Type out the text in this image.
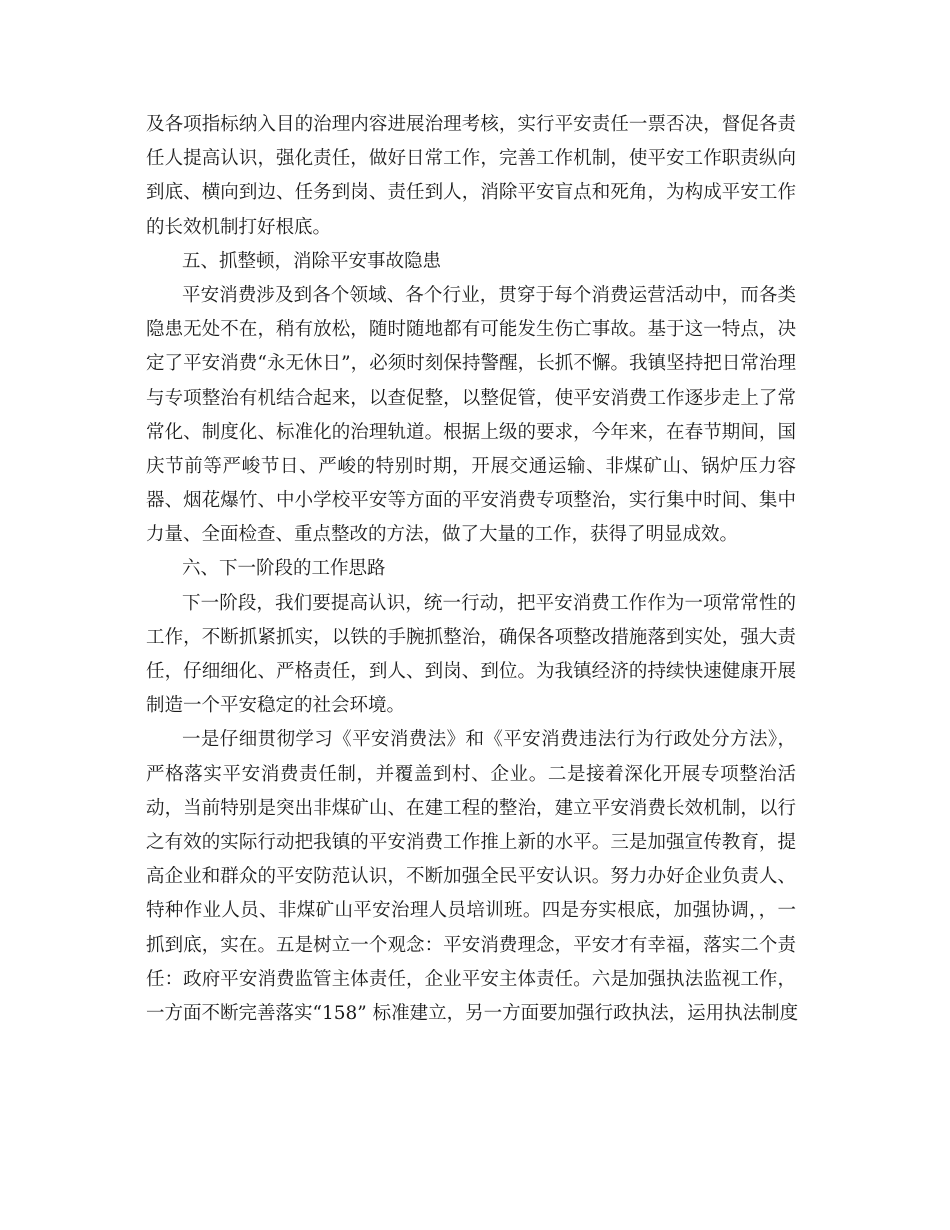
及各项指标纳入目的治理内容进展治理考核，实行平安责任一票否决，督促各责
任人提高认识，强化责任，做好日常工作，完善工作机制，使平安工作职责纵向
到底、横向到边、任务到岗、责任到人，消除平安盲点和死角，为构成平安工作
的长效机制打好根底。
五、抓整顿，消除平安事故隐患
平安消费涉及到各个领域、各个行业，贯穿于每个消费运营活动中，而各类
隐患无处不在，稍有放松，随时随地都有可能发生伤亡事故。基于这一特点，决
定了平安消费“永无休日”，必须时刻保持警醒，长抓不懈。我镇坚持把日常治理
与专项整治有机结合起来，以查促整，以整促管，使平安消费工作逐步走上了常
常化、制度化、标准化的治理轨道。根据上级的要求，今年来，在春节期间，国
庆节前等严峻节日、严峻的特别时期，开展交通运输、非煤矿山、锅炉压力容
器、烟花爆竹、中小学校平安等方面的平安消费专项整治，实行集中时间、集中
力量、全面检查、重点整改的方法，做了大量的工作，获得了明显成效。
六、下一阶段的工作思路
下一阶段，我们要提高认识，统一行动，把平安消费工作作为一项常常性的
工作，不断抓紧抓实，以铁的手腕抓整治，确保各项整改措施落到实处，强大责
任，仔细细化、严格责任，到人、到岗、到位。为我镇经济的持续快速健康开展
制造一个平安稳定的社会环境。
一是仔细贯彻学习《平安消费法》和《平安消费违法行为行政处分方法》，
严格落实平安消费责任制，并覆盖到村、企业。二是接着深化开展专项整治活
动，当前特别是突出非煤矿山、在建工程的整治，建立平安消费长效机制，以行
之有效的实际行动把我镇的平安消费工作推上新的水平。三是加强宣传教育，提
高企业和群众的平安防范认识，不断加强全民平安认识。努力办好企业负责人、
特种作业人员、非煤矿山平安治理人员培训班。四是夯实根底，加强协调，，一
抓到底，实在。五是树立一个观念：平安消费理念，平安才有幸福，落实二个责
任：政府平安消费监管主体责任，企业平安主体责任。六是加强执法监视工作，
一方面不断完善落实“158” 标准建立，另一方面要加强行政执法，运用执法制度
